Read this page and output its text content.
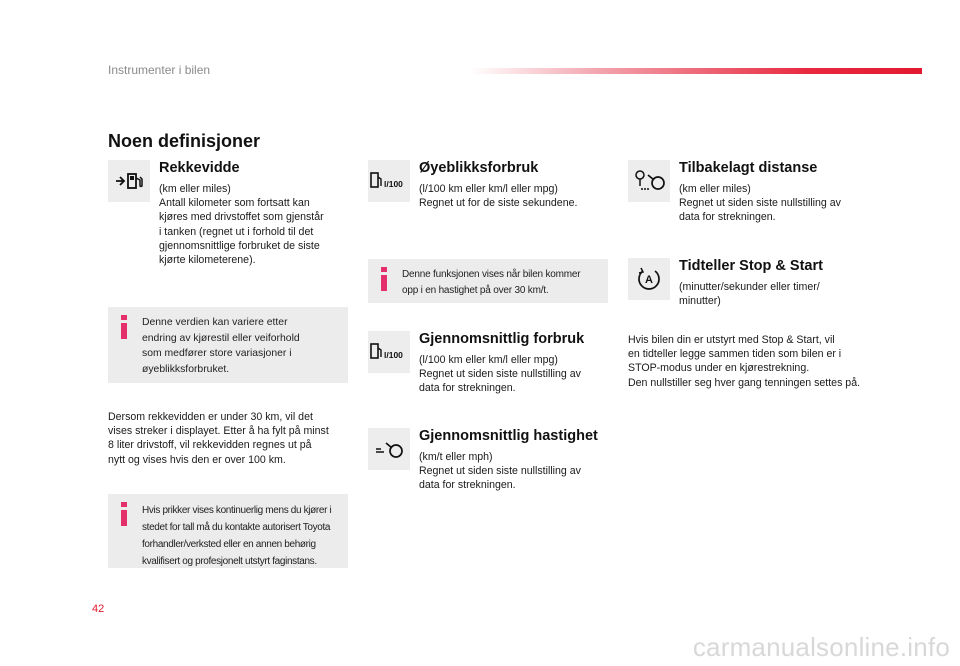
Instrumenter i bilen
Noen definisjoner
Rekkevidde
(km eller miles)
Antall kilometer som fortsatt kan
kjøres med drivstoffet som gjenstår
i tanken (regnet ut i forhold til det
gjennomsnittlige forbruket de siste
kjørte kilometerene).
Denne verdien kan variere etter
endring av kjørestil eller veiforhold
som medfører store variasjoner i
øyeblikksforbruket.
Dersom rekkevidden er under 30 km, vil det
vises streker i displayet. Etter å ha fylt på minst
8 liter drivstoff, vil rekkevidden regnes ut på
nytt og vises hvis den er over 100 km.
Hvis prikker vises kontinuerlig mens du kjører i
stedet for tall må du kontakte autorisert Toyota
forhandler/verksted eller en annen behørig
kvalifisert og profesjonelt utstyrt faginstans.
l/100
Øyeblikksforbruk
(l/100 km eller km/l eller mpg)
Regnet ut for de siste sekundene.
Denne funksjonen vises når bilen kommer
opp i en hastighet på over 30 km/t.
l/100
Gjennomsnittlig forbruk
(l/100 km eller km/l eller mpg)
Regnet ut siden siste nullstilling av
data for strekningen.
Gjennomsnittlig hastighet
(km/t eller mph)
Regnet ut siden siste nullstilling av
data for strekningen.
Tilbakelagt distanse
(km eller miles)
Regnet ut siden siste nullstilling av
data for strekningen.
A
Tidteller Stop & Start
(minutter/sekunder eller timer/
minutter)
Hvis bilen din er utstyrt med Stop & Start, vil
en tidteller legge sammen tiden som bilen er i
STOP-modus under en kjørestrekning.
Den nullstiller seg hver gang tenningen settes på.
42
carmanualsonline.info
